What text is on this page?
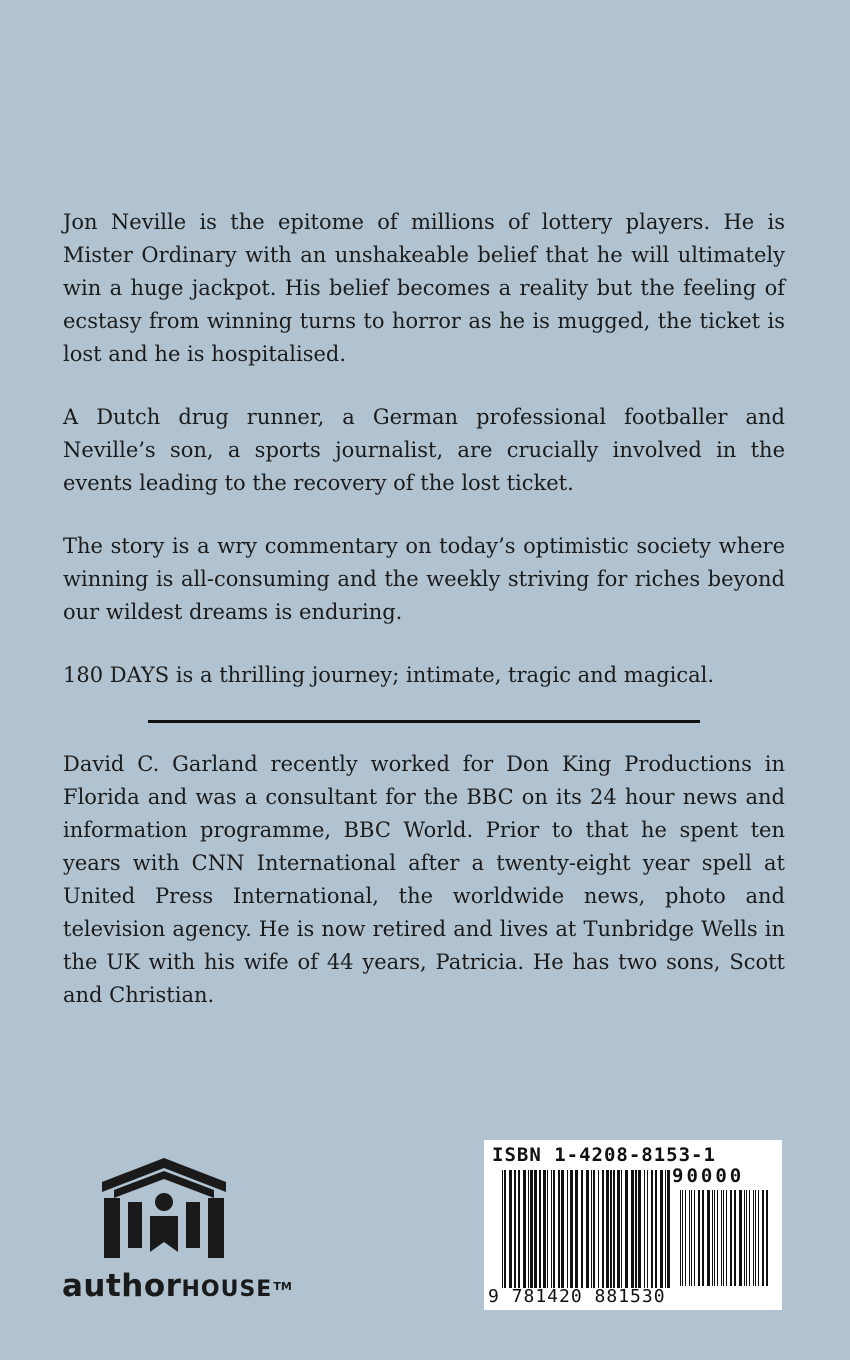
Jon Neville is the epitome of millions of lottery players. He is Mister Ordinary with an unshakeable belief that he will ultimately win a huge jackpot. His belief becomes a reality but the feeling of ecstasy from winning turns to horror as he is mugged, the ticket is lost and he is hospitalised.

A Dutch drug runner, a German professional footballer and Neville’s son, a sports journalist, are crucially involved in the events leading to the recovery of the lost ticket.

The story is a wry commentary on today’s optimistic society where winning is all-consuming and the weekly striving for riches beyond our wildest dreams is enduring.

180 DAYS is a thrilling journey; intimate, tragic and magical.

David C. Garland recently worked for Don King Productions in Florida and was a consultant for the BBC on its 24 hour news and information programme, BBC World. Prior to that he spent ten years with CNN International after a twenty-eight year spell at United Press International, the worldwide news, photo and television agency. He is now retired and lives at Tunbridge Wells in the UK with his wife of 44 years, Patricia. He has two sons, Scott and Christian.

authorHOUSE™
ISBN 1-4208-8153-1
90000
9 781420 881530
